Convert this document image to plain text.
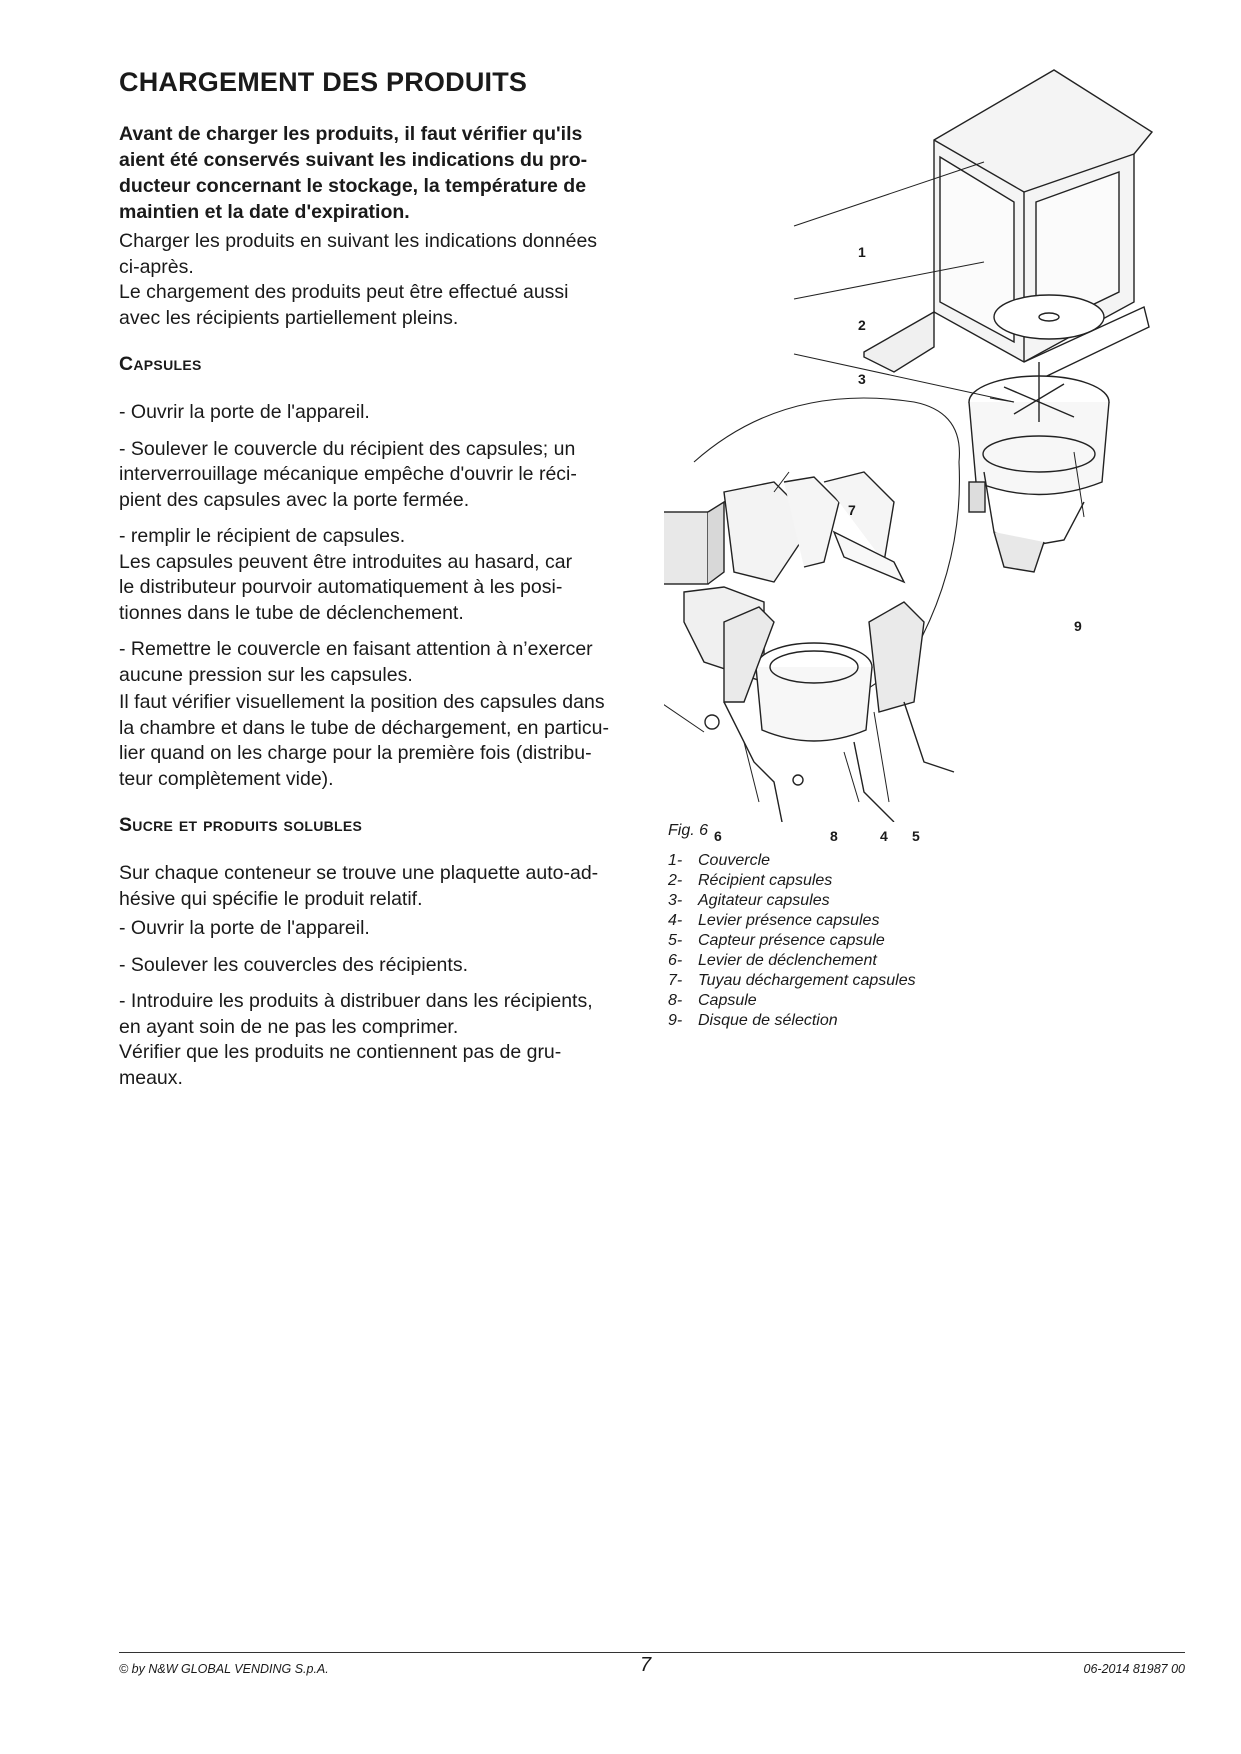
CHARGEMENT DES PRODUITS

Avant de charger les produits, il faut vérifier qu'ils
aient été conservés suivant les indications du pro-
ducteur concernant le stockage, la température de
maintien et la date d'expiration.

Charger les produits en suivant les indications données
ci-après.
Le chargement des produits peut être effectué aussi
avec les récipients partiellement pleins.

Capsules
- Ouvrir la porte de l'appareil.
- Soulever le couvercle du récipient des capsules; un
interverrouillage mécanique empêche d'ouvrir le réci-
pient des capsules avec la porte fermée.
- remplir le récipient de capsules.
Les capsules peuvent être introduites au hasard, car
le distributeur pourvoir automatiquement à les posi-
tionnes dans le tube de déclenchement.
- Remettre le couvercle en faisant attention à n’exercer
aucune pression sur les capsules.

Il faut vérifier visuellement la position des capsules dans
la chambre et dans le tube de déchargement, en particu-
lier quand on les charge pour la première fois (distribu-
teur complètement vide).

Sucre et produits solubles

Sur chaque conteneur se trouve une plaquette auto-ad-
hésive qui spécifie le produit relatif.

- Ouvrir la porte de l'appareil.
- Soulever les couvercles des récipients.
- Introduire les produits à distribuer dans les récipients,
en ayant soin de ne pas les comprimer.
Vérifier que les produits ne contiennent pas de gru-
meaux.
1
2
3
7
9
6	8	4 5
Fig. 6
1- Couvercle
2- Récipient capsules
3- Agitateur capsules
4- Levier présence capsules
5- Capteur présence capsule
6- Levier de déclenchement
7- Tuyau déchargement capsules
8- Capsule
9- Disque de sélection
© by N&W GLOBAL VENDING S.p.A.	7	06-2014 81987 00
